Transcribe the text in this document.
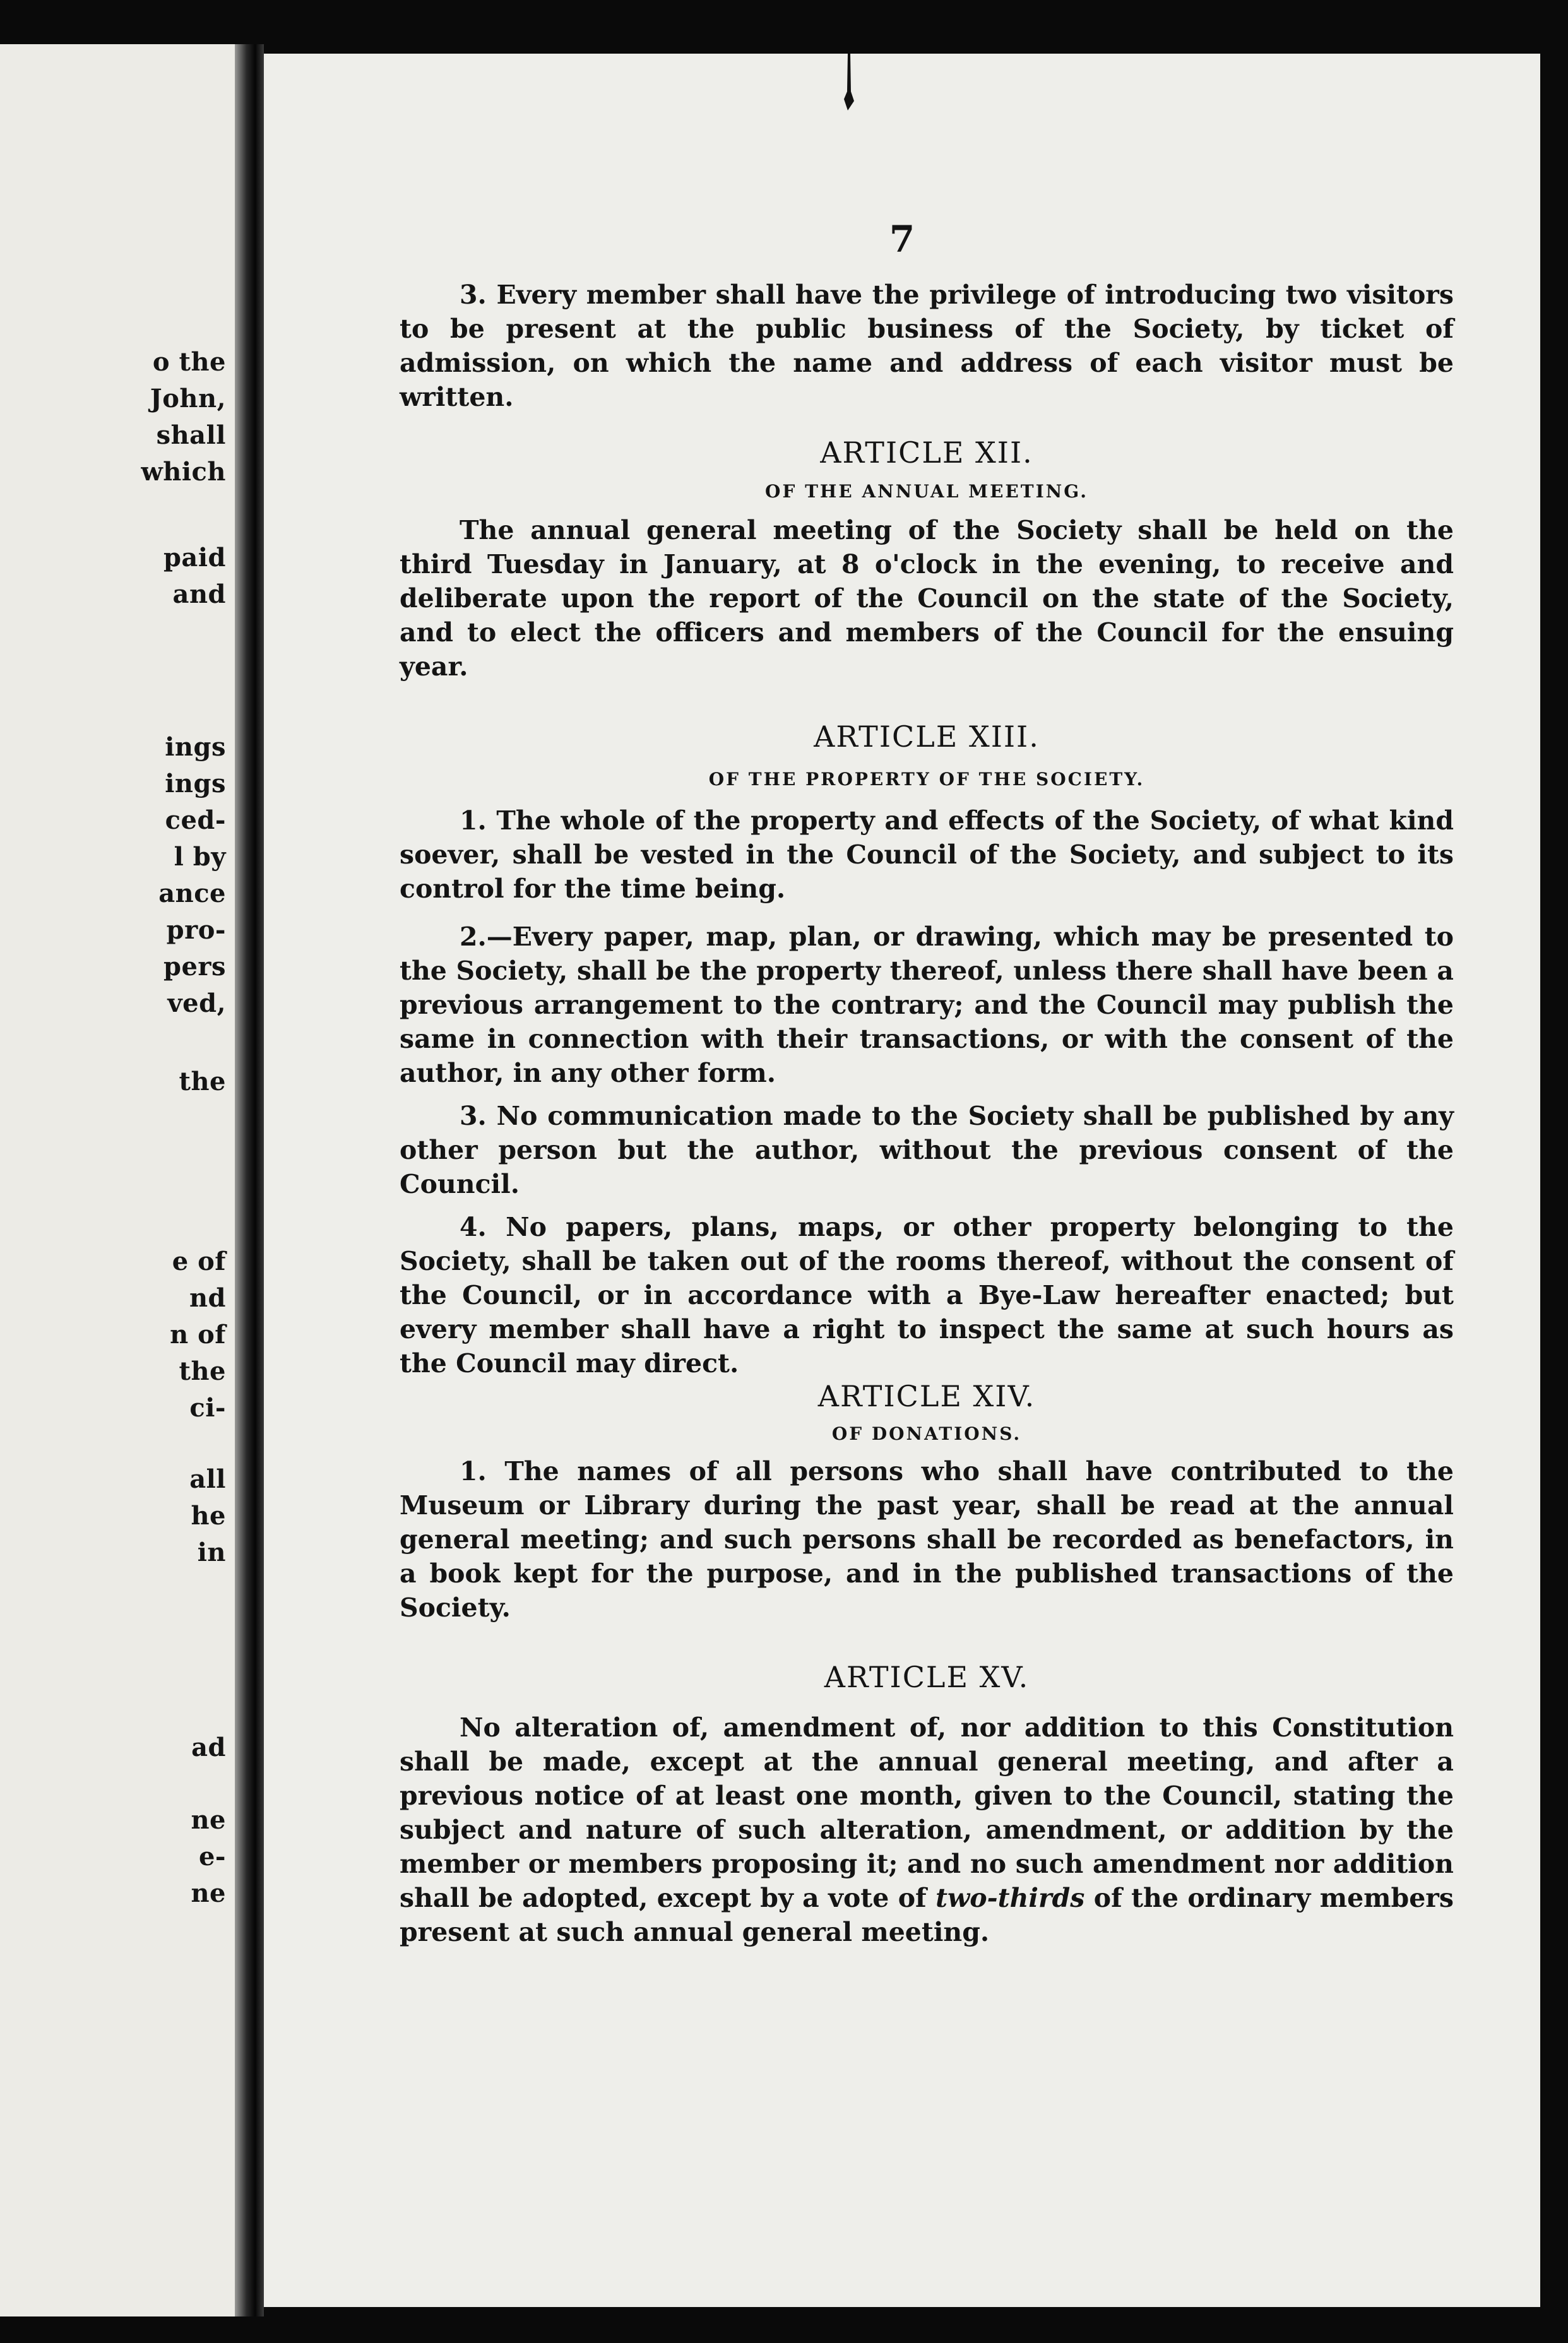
o the
John,
shall
which
paid
and
ings
ings
ced-
l by
ance
pro-
pers
ved,
the
e of
nd
n of
the
ci-
all
he
in
ad
ne
e-
ne
7

3. Every member shall have the privilege of introducing two visitors to be present at the public business of the Society, by ticket of admission, on which the name and address of each visitor must be written.

ARTICLE XII.

OF THE ANNUAL MEETING.

The annual general meeting of the Society shall be held on the third Tuesday in January, at 8 o'clock in the evening, to receive and deliberate upon the report of the Council on the state of the Society, and to elect the officers and members of the Council for the ensuing year.

ARTICLE XIII.

OF THE PROPERTY OF THE SOCIETY.

1. The whole of the property and effects of the Society, of what kind soever, shall be vested in the Council of the Society, and subject to its control for the time being.

2.—Every paper, map, plan, or drawing, which may be presented to the Society, shall be the property thereof, unless there shall have been a previous arrangement to the contrary; and the Council may publish the same in connection with their transactions, or with the consent of the author, in any other form.

3. No communication made to the Society shall be published by any other person but the author, without the previous consent of the Council.

4. No papers, plans, maps, or other property belonging to the Society, shall be taken out of the rooms thereof, without the consent of the Council, or in accordance with a Bye-Law hereafter enacted; but every member shall have a right to inspect the same at such hours as the Council may direct.

ARTICLE XIV.

OF DONATIONS.

1. The names of all persons who shall have contributed to the Museum or Library during the past year, shall be read at the annual general meeting; and such persons shall be recorded as benefactors, in a book kept for the purpose, and in the published transactions of the Society.

ARTICLE XV.

No alteration of, amendment of, nor addition to this Constitution shall be made, except at the annual general meeting, and after a previous notice of at least one month, given to the Council, stating the subject and nature of such alteration, amendment, or addition by the member or members proposing it; and no such amendment nor addition shall be adopted, except by a vote of two-thirds of the ordinary members present at such annual general meeting.
